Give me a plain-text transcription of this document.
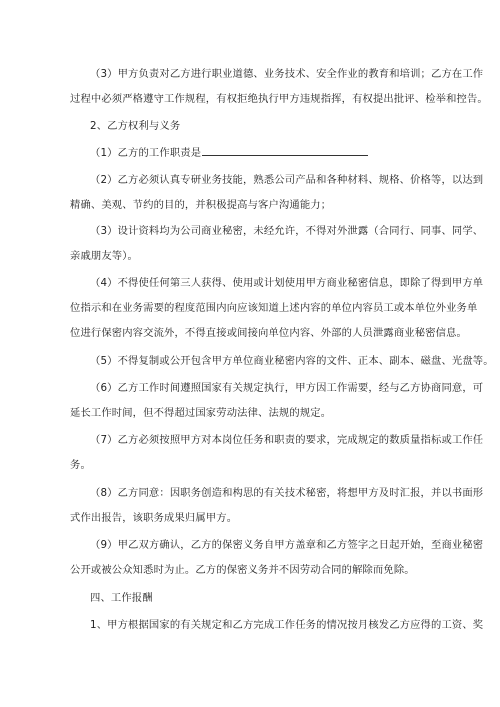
（3）甲方负责对乙方进行职业道德、业务技术、安全作业的教育和培训；乙方在工作
过程中必须严格遵守工作规程，有权拒绝执行甲方违规指挥，有权提出批评、检举和控告。
2、乙方权利与义务
（1）乙方的工作职责是
（2）乙方必须认真专研业务技能，熟悉公司产品和各种材料、规格、价格等，以达到
精确、美观、节约的目的，并积极提高与客户沟通能力；
（3）设计资料均为公司商业秘密，未经允许，不得对外泄露（合同行、同事、同学、
亲戚朋友等）。
（4）不得使任何第三人获得、使用或计划使用甲方商业秘密信息，即除了得到甲方单
位指示和在业务需要的程度范围内向应该知道上述内容的单位内容员工或本单位外业务单
位进行保密内容交流外，不得直接或间接向单位内容、外部的人员泄露商业秘密信息。
（5）不得复制或公开包含甲方单位商业秘密内容的文件、正本、副本、磁盘、光盘等。
（6）乙方工作时间遵照国家有关规定执行，甲方因工作需要，经与乙方协商同意，可
延长工作时间，但不得超过国家劳动法律、法规的规定。
（7）乙方必须按照甲方对本岗位任务和职责的要求，完成规定的数质量指标或工作任
务。
（8）乙方同意：因职务创造和构思的有关技术秘密，将想甲方及时汇报，并以书面形
式作出报告，该职务成果归属甲方。
（9）甲乙双方确认，乙方的保密义务自甲方盖章和乙方签字之日起开始，至商业秘密
公开或被公众知悉时为止。乙方的保密义务并不因劳动合同的解除而免除。
四、工作报酬
1、甲方根据国家的有关规定和乙方完成工作任务的情况按月核发乙方应得的工资、奖
